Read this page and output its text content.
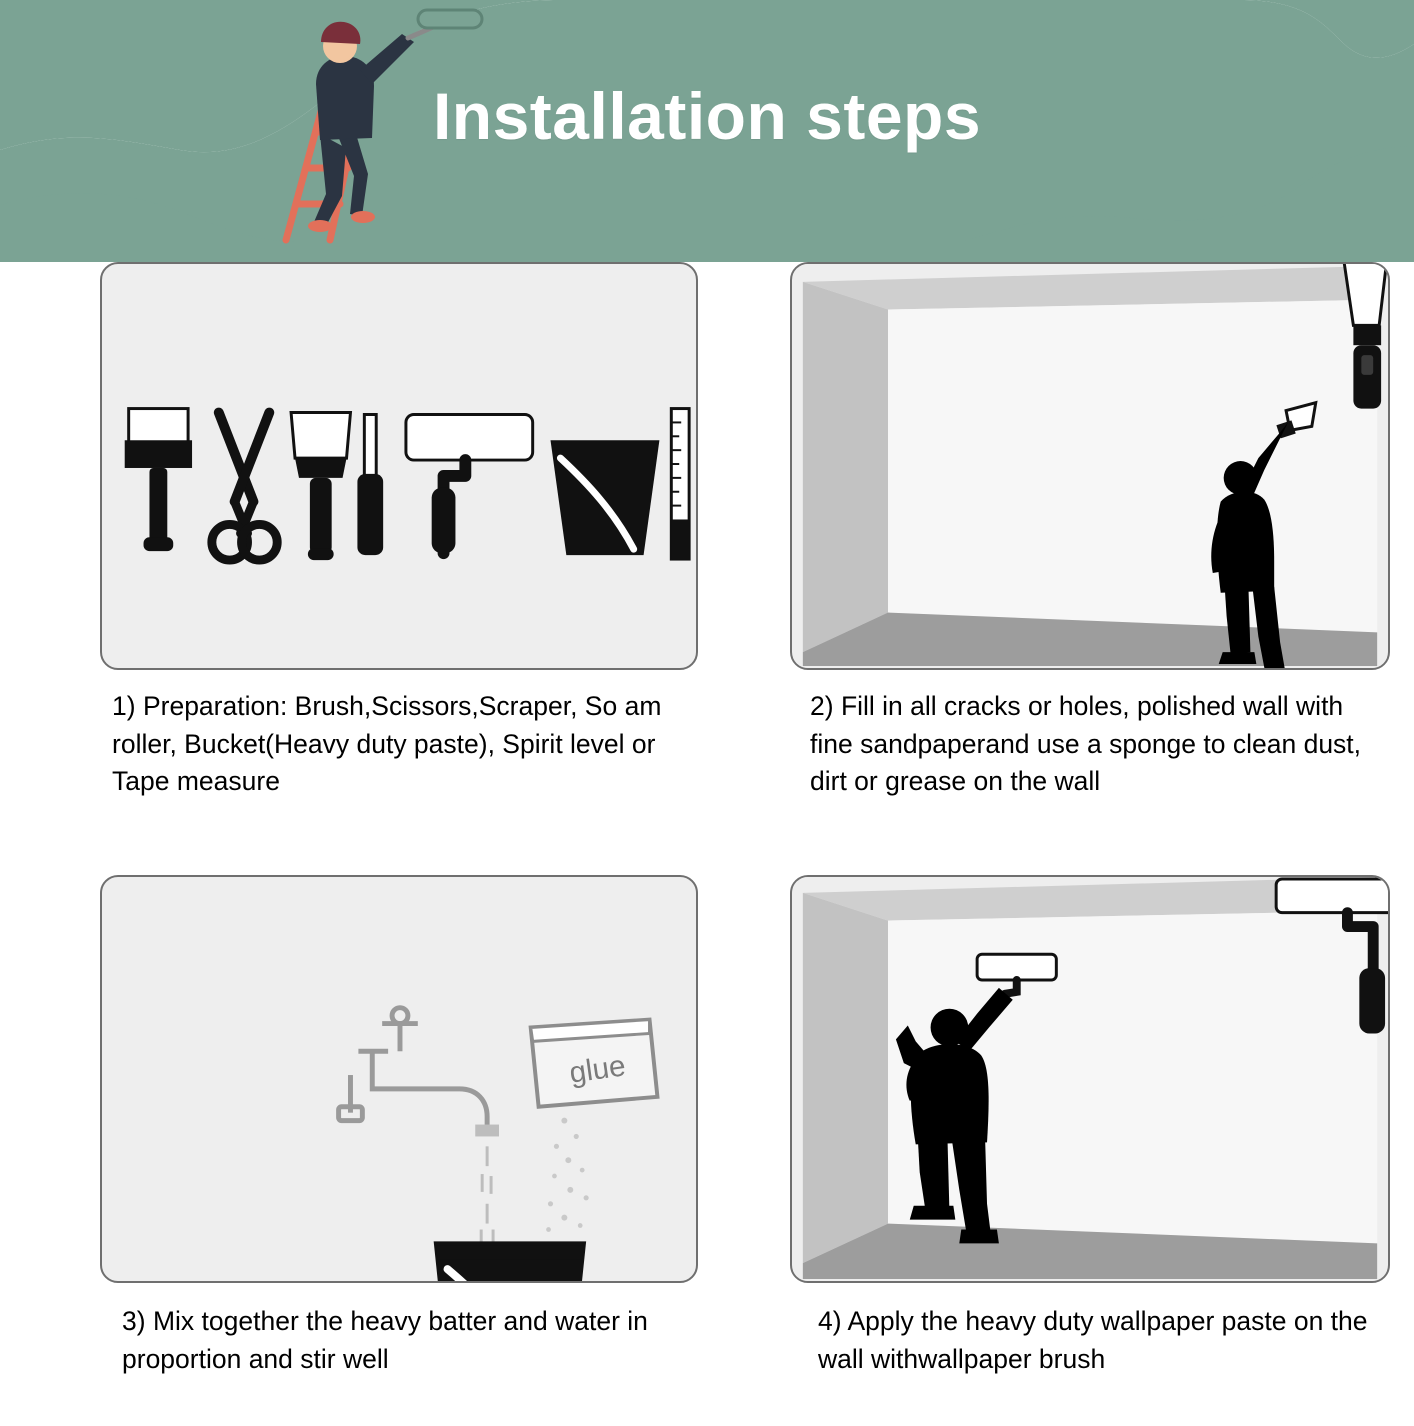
Installation steps
1) Preparation: Brush,Scissors,Scraper, So am roller, Bucket(Heavy duty paste), Spirit level or Tape measure
2) Fill in all cracks or holes, polished wall with fine sandpaperand use a sponge to clean dust, dirt or grease on the wall
glue
3) Mix together the heavy batter and water in proportion and stir well
4) Apply the heavy duty wallpaper paste on the wall withwallpaper brush
